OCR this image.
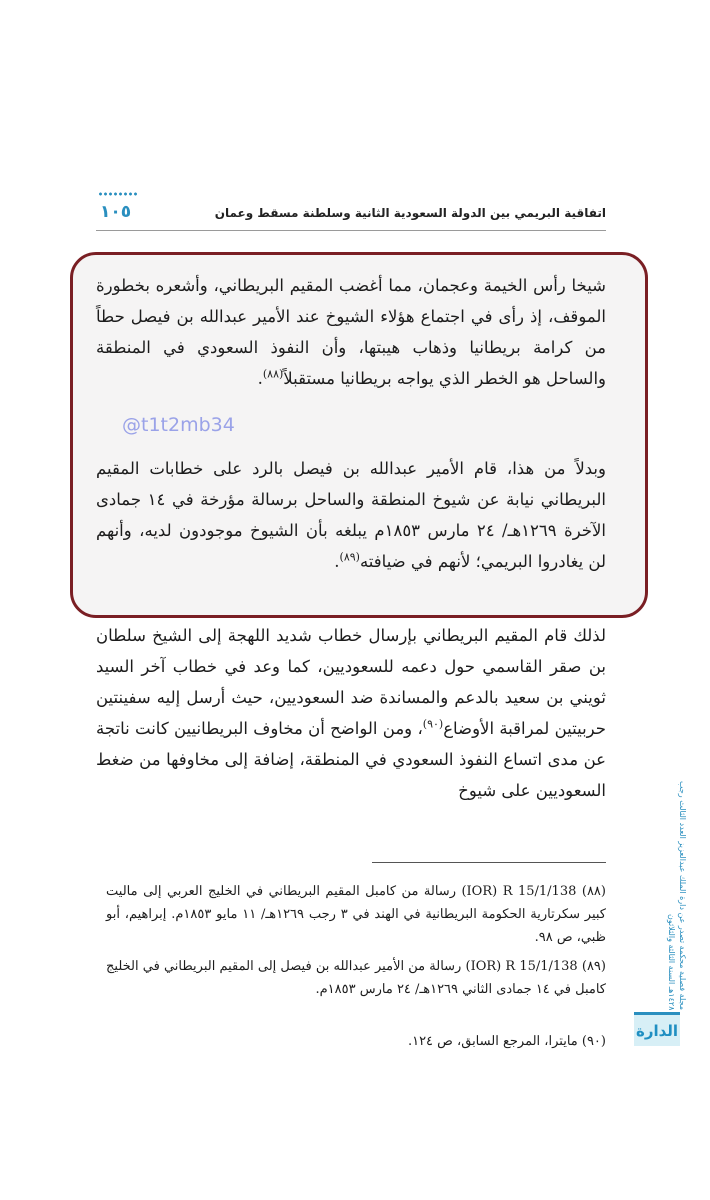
١٠٥	اتفاقية البريمي بين الدولة السعودية الثانية وسلطنة مسقط وعمان

شيخا رأس الخيمة وعجمان، مما أغضب المقيم البريطاني، وأشعره بخطورة الموقف، إذ رأى في اجتماع هؤلاء الشيوخ عند الأمير عبدالله بن فيصل حطاً من كرامة بريطانيا وذهاب هيبتها، وأن النفوذ السعودي في المنطقة والساحل هو الخطر الذي يواجه بريطانيا مستقبلاً$^{(٨٨)}$.

@t1t2mb34

وبدلاً من هذا، قام الأمير عبدالله بن فيصل بالرد على خطابات المقيم البريطاني نيابة عن شيوخ المنطقة والساحل برسالة مؤرخة في ١٤ جمادى الآخرة ١٢٦٩هـ/ ٢٤ مارس ١٨٥٣م يبلغه بأن الشيوخ موجودون لديه، وأنهم لن يغادروا البريمي؛ لأنهم في ضيافته$^{(٨٩)}$.

لذلك قام المقيم البريطاني بإرسال خطاب شديد اللهجة إلى الشيخ سلطان بن صقر القاسمي حول دعمه للسعوديين، كما وعد في خطاب آخر السيد ثويني بن سعيد بالدعم والمساندة ضد السعوديين، حيث أرسل إليه سفينتين حربيتين لمراقبة الأوضاع$^{(٩٠)}$، ومن الواضح أن مخاوف البريطانيين كانت ناتجة عن مدى اتساع النفوذ السعودي في المنطقة، إضافة إلى مخاوفها من ضغط السعوديين على شيوخ

(٨٨) IOR) R 15/1/138) رسالة من كامبل المقيم البريطاني في الخليج العربي إلى ماليت كبير سكرتارية الحكومة البريطانية في الهند في ٣ رجب ١٢٦٩هـ/ ١١ مايو ١٨٥٣م. إبراهيم، أبو ظبي، ص ٩٨.

(٨٩) IOR) R 15/1/138) رسالة من الأمير عبدالله بن فيصل إلى المقيم البريطاني في الخليج كامبل في ١٤ جمادى الثاني ١٢٦٩هـ/ ٢٤ مارس ١٨٥٣م.

(٩٠) مايترا، المرجع السابق، ص ١٢٤.

مجلة فصلية محكمة تصدر عن دارة الملك عبدالعزيز العدد الثالث رجب ١٤٢٨هـ السنة الثالثة والثلاثون
الدارة
